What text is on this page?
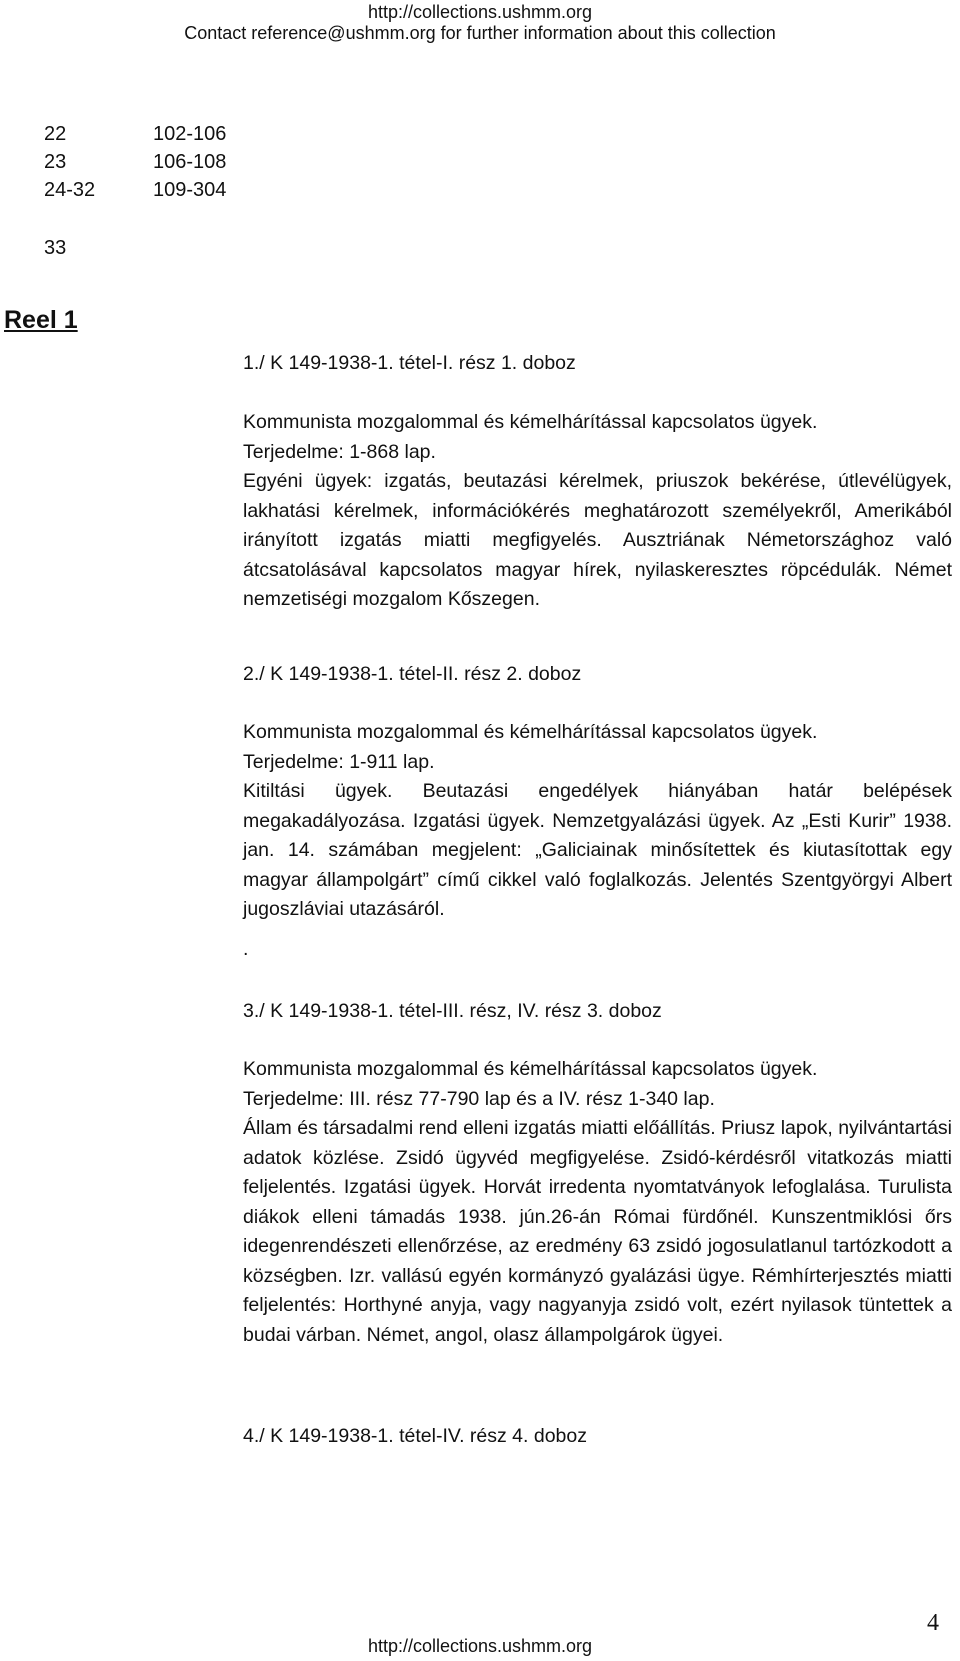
http://collections.ushmm.org
Contact reference@ushmm.org for further information about this collection
22	102-106
23	106-108
24-32	109-304
33
Reel 1
1./ K 149-1938-1. tétel-I. rész 1. doboz

Kommunista mozgalommal és kémelhárítással kapcsolatos ügyek.

Terjedelme: 1-868 lap.

Egyéni ügyek: izgatás, beutazási kérelmek, priuszok bekérése, útlevélügyek, lakhatási kérelmek, információkérés meghatározott személyekről, Amerikából irányított izgatás miatti megfigyelés. Ausztriának Németországhoz való átcsatolásával kapcsolatos magyar hírek, nyilaskeresztes röpcédulák. Német nemzetiségi mozgalom Kőszegen.

2./ K 149-1938-1. tétel-II. rész 2. doboz

Kommunista mozgalommal és kémelhárítással kapcsolatos ügyek.

Terjedelme: 1-911 lap.

Kitiltási ügyek. Beutazási engedélyek hiányában határ belépések megakadályozása. Izgatási ügyek. Nemzetgyalázási ügyek. Az „Esti Kurir” 1938. jan. 14. számában megjelent: „Galiciainak minősítettek és kiutasítottak egy magyar állampolgárt” című cikkel való foglalkozás. Jelentés Szentgyörgyi Albert jugoszláviai utazásáról.

.
3./ K 149-1938-1. tétel-III. rész, IV. rész 3. doboz

Kommunista mozgalommal és kémelhárítással kapcsolatos ügyek.

Terjedelme: III. rész 77-790 lap és a IV. rész 1-340 lap.

Állam és társadalmi rend elleni izgatás miatti előállítás. Priusz lapok, nyilvántartási adatok közlése. Zsidó ügyvéd megfigyelése. Zsidó-kérdésről vitatkozás miatti feljelentés. Izgatási ügyek. Horvát irredenta nyomtatványok lefoglalása. Turulista diákok elleni támadás 1938. jún.26-án Római fürdőnél. Kunszentmiklósi őrs idegenrendészeti ellenőrzése, az eredmény 63 zsidó jogosulatlanul tartózkodott a községben. Izr. vallású egyén kormányzó gyalázási ügye. Rémhírterjesztés miatti feljelentés: Horthyné anyja, vagy nagyanyja zsidó volt, ezért nyilasok tüntettek a budai várban. Német, angol, olasz állampolgárok ügyei.

4./ K 149-1938-1. tétel-IV. rész 4. doboz
4
http://collections.ushmm.org
